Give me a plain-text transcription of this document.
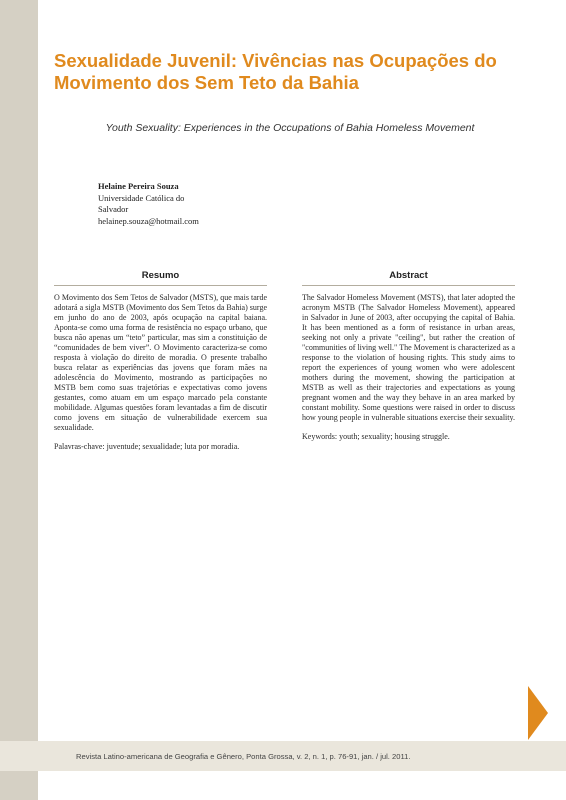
Sexualidade Juvenil: Vivências nas Ocupações do
Movimento dos Sem Teto da Bahia
Youth Sexuality: Experiences in the Occupations of Bahia Homeless Movement
Helaine Pereira Souza
Universidade Católica do
Salvador
helainep.souza@hotmail.com
Resumo

O Movimento dos Sem Tetos de Salvador (MSTS), que mais tarde adotará a sigla MSTB (Movimento dos Sem Tetos da Bahia) surge em junho do ano de 2003, após ocupação na capital baiana. Aponta-se como uma forma de resistência no espaço urbano, que busca não apenas um “teto” particular, mas sim a constituição de “comunidades de bem viver”. O Movimento caracteriza-se como resposta à violação do direito de moradia. O presente trabalho busca relatar as experiências das jovens que foram mães na adolescência do Movimento, mostrando as participações no MSTB bem como suas trajetórias e expectativas como jovens gestantes, como atuam em um espaço marcado pela constante mobilidade. Algumas questões foram levantadas a fim de discutir como jovens em situação de vulnerabilidade exercem sua sexualidade.

Palavras-chave: juventude; sexualidade; luta por moradia.

Abstract

The Salvador Homeless Movement (MSTS), that later adopted the acronym MSTB (The Salvador Homeless Movement), appeared in Salvador in June of 2003, after occupying the capital of Bahia. It has been mentioned as a form of resistance in urban areas, seeking not only a private "ceiling", but rather the creation of "communities of living well." The Movement is characterized as a response to the violation of housing rights. This study aims to report the experiences of young women who were adolescent mothers during the movement, showing the participation at MSTB as well as their trajectories and expectations as young pregnant women and the way they behave in an area marked by constant mobility. Some questions were raised in order to discuss how young people in vulnerable situations exercise their sexuality.

Keywords: youth; sexuality; housing struggle.

Revista Latino-americana de Geografia e Gênero, Ponta Grossa, v. 2, n. 1, p. 76-91, jan. / jul. 2011.
